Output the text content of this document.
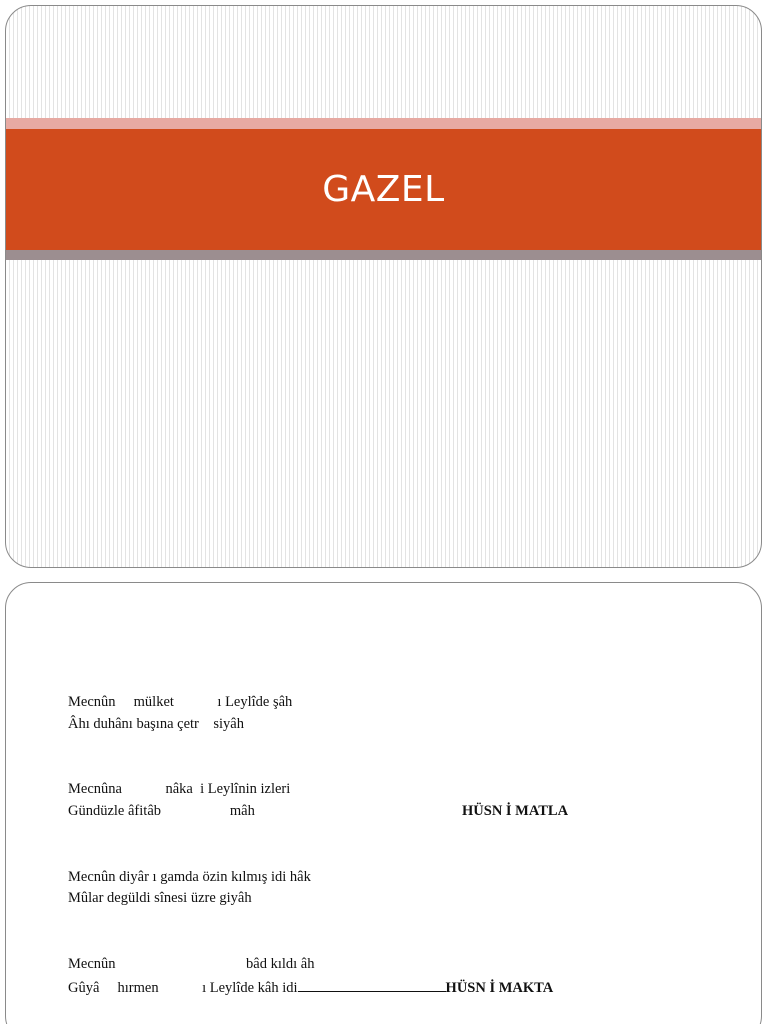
GAZEL
Mecnûn     mülket            ı Leylîde şâh
Âhı duhânı başına çetr    siyâh
Mecnûna            nâka  i Leylînin izleri
Gündüzle âfitâb                   mâh	HÜSN İ MATLA
Mecnûn diyâr ı gamda özin kılmış idi hâk
Mûlar degüldi sînesi üzre giyâh
Mecnûn                                    bâd kıldı âh
Gûyâ     hırmen            ı Leylîde kâh idi	HÜSN İ MAKTA
